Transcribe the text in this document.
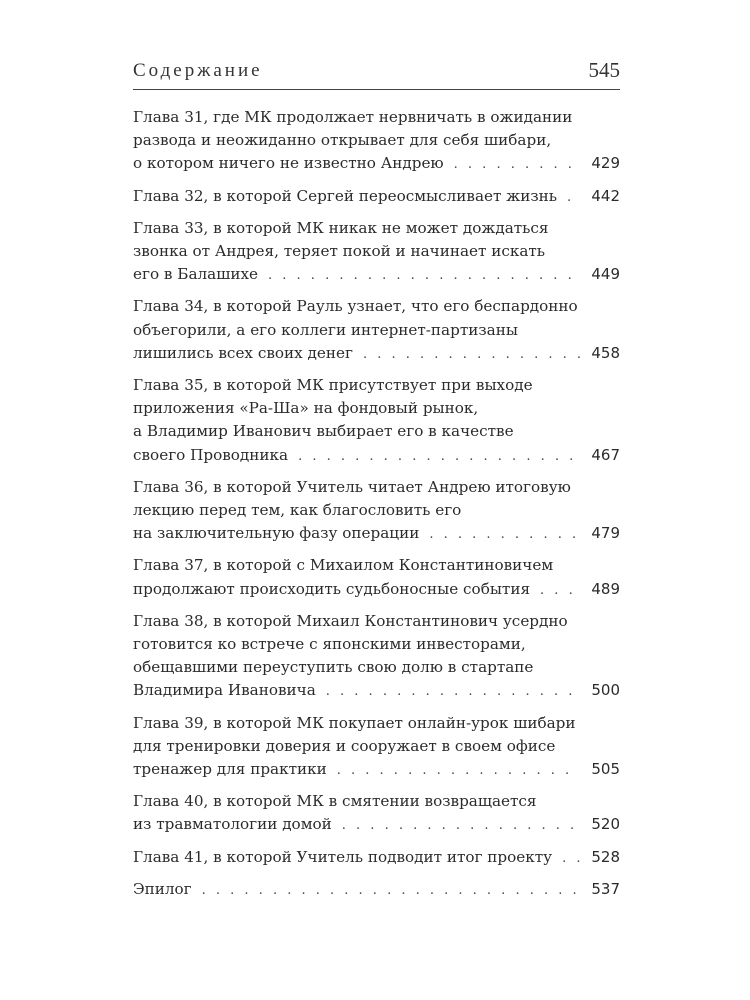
Содержание	545
Глава 31, где МК продолжает нервничать в ожидании
развода и неожиданно открывает для себя шибари,
о котором ничего не известно Андрею . . .	429
Глава 32, в которой Сергей переосмысливает жизнь . . . 442
Глава 33, в которой МК никак не может дождаться
звонка от Андрея, теряет покой и начинает искать
его в Балашихе . . .	449
Глава 34, в которой Рауль узнает, что его беспардонно
объегорили, а его коллеги интернет-партизаны
лишились всех своих денег . . .	458
Глава 35, в которой МК присутствует при выходе
приложения «Ра-Ша» на фондовый рынок,
а Владимир Иванович выбирает его в качестве
своего Проводника . . .	467
Глава 36, в которой Учитель читает Андрею итоговую
лекцию перед тем, как благословить его
на заключительную фазу операции . . .	479
Глава 37, в которой с Михаилом Константиновичем
продолжают происходить судьбоносные события . . .	489
Глава 38, в которой Михаил Константинович усердно
готовится ко встрече с японскими инвесторами,
обещавшими переуступить свою долю в стартапе
Владимира Ивановича . . .	500
Глава 39, в которой МК покупает онлайн-урок шибари
для тренировки доверия и сооружает в своем офисе
тренажер для практики . . .	505
Глава 40, в которой МК в смятении возвращается
из травматологии домой . . .	520
Глава 41, в которой Учитель подводит итог проекту . . .	528
Эпилог . . .	537
